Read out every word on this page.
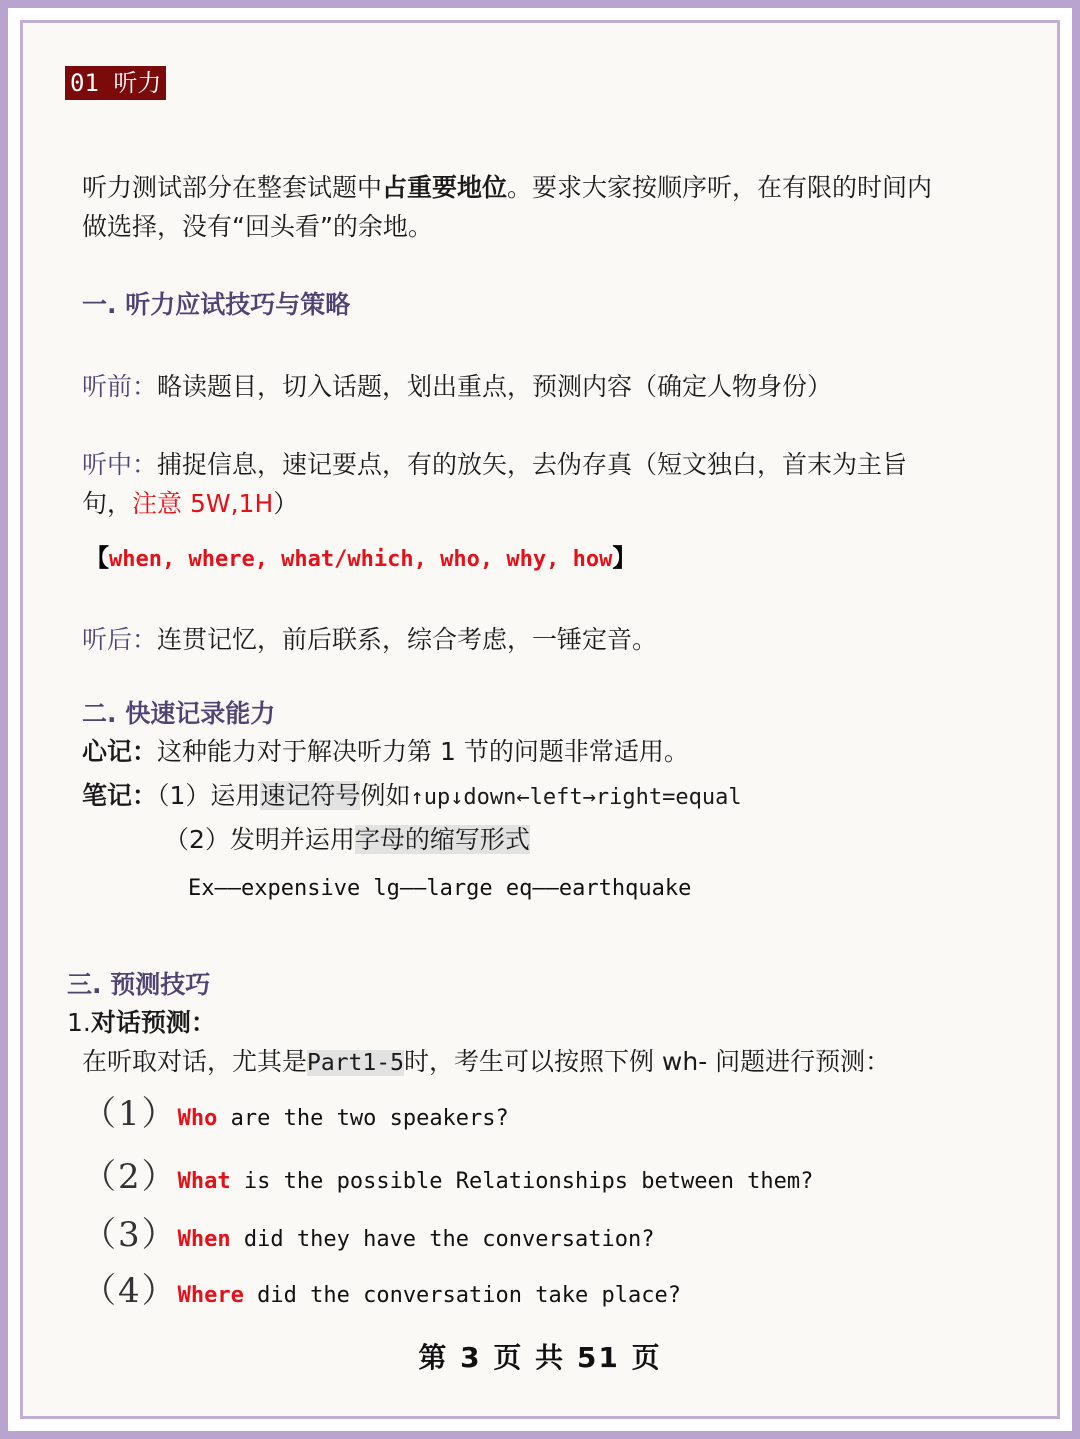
01 听力
听力测试部分在整套试题中占重要地位。要求大家按顺序听，在有限的时间内
做选择，没有“回头看”的余地。
一. 听力应试技巧与策略
听前：略读题目，切入话题，划出重点，预测内容（确定人物身份）
听中：捕捉信息，速记要点，有的放矢，去伪存真（短文独白，首末为主旨
句，注意 5W,1H）
【when, where, what/which, who, why, how】
听后：连贯记忆，前后联系，综合考虑，一锤定音。
二. 快速记录能力
心记：这种能力对于解决听力第 1 节的问题非常适用。
笔记：（1）运用速记符号例如↑up↓down←left→right=equal
（2）发明并运用字母的缩写形式
Ex——expensive lg——large eq——earthquake
三. 预测技巧
1.对话预测：
在听取对话，尤其是Part1-5时，考生可以按照下例 wh- 问题进行预测：
（1）Who are the two speakers?
（2）What is the possible Relationships between them?
（3）When did they have the conversation?
（4）Where did the conversation take place?
第 3 页 共 51 页
